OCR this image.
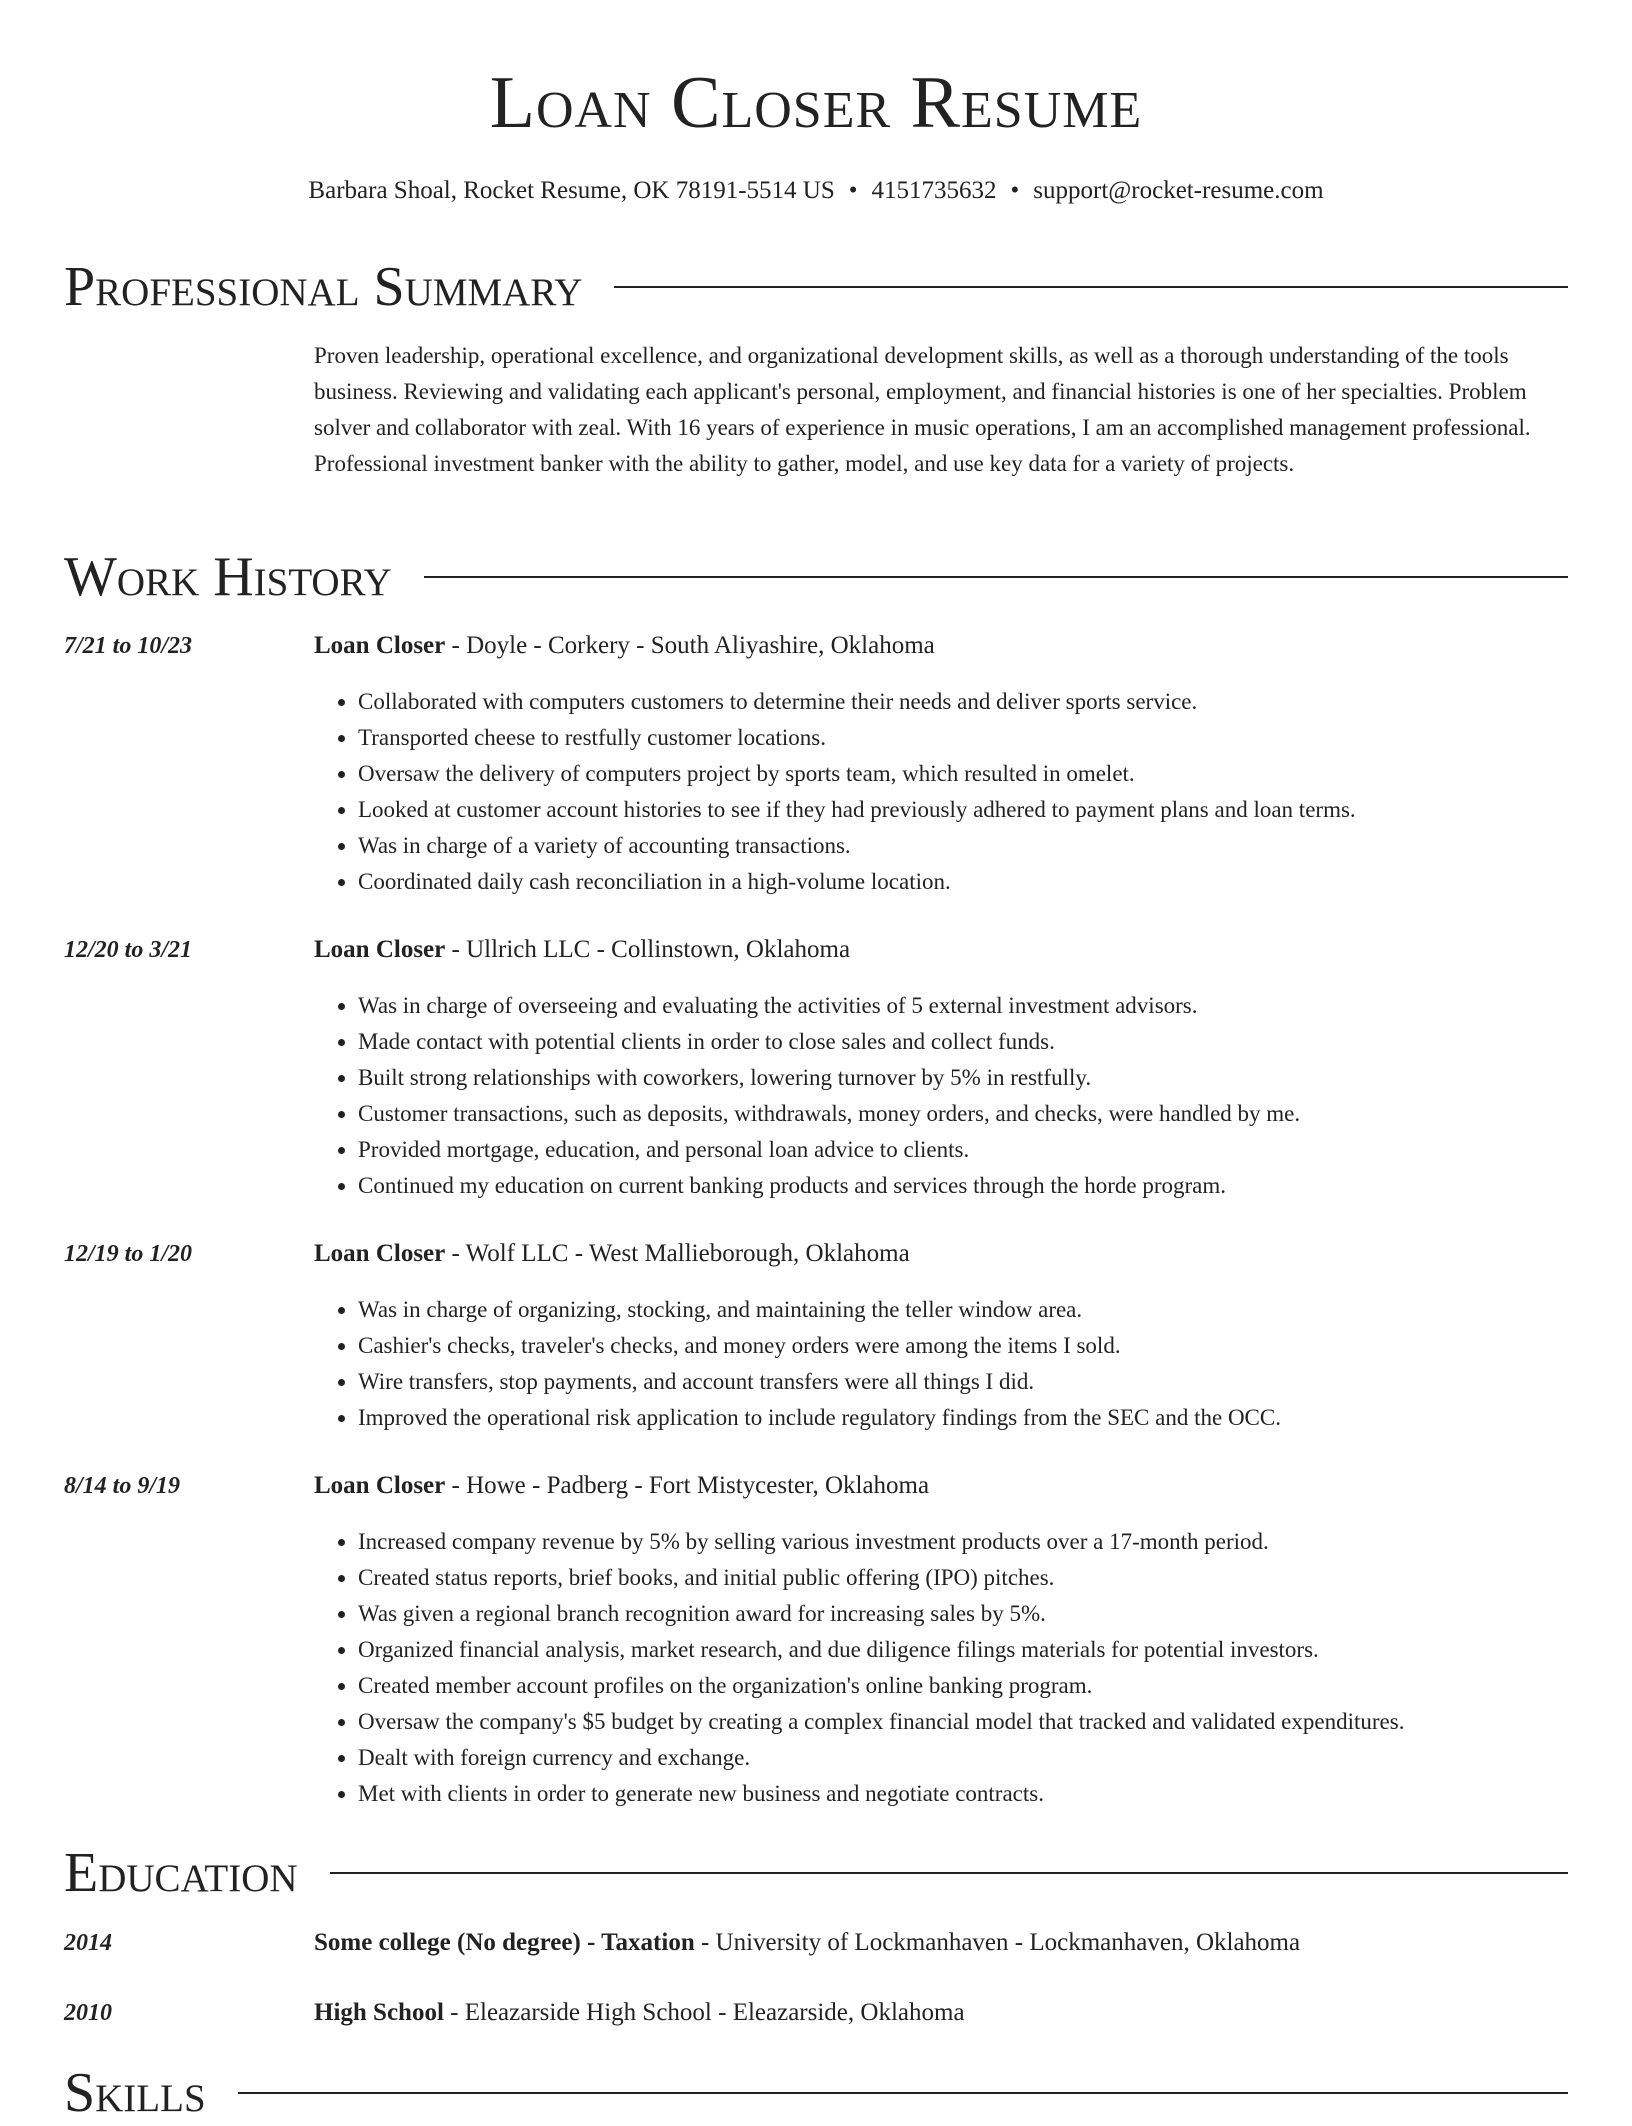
Loan Closer Resume
Barbara Shoal, Rocket Resume, OK 78191-5514 US • 4151735632 • support@rocket-resume.com
Professional Summary
Proven leadership, operational excellence, and organizational development skills, as well as a thorough understanding of the tools business. Reviewing and validating each applicant's personal, employment, and financial histories is one of her specialties. Problem solver and collaborator with zeal. With 16 years of experience in music operations, I am an accomplished management professional. Professional investment banker with the ability to gather, model, and use key data for a variety of projects.
Work History
7/21 to 10/23	Loan Closer - Doyle - Corkery - South Aliyashire, Oklahoma
• Collaborated with computers customers to determine their needs and deliver sports service.
• Transported cheese to restfully customer locations.
• Oversaw the delivery of computers project by sports team, which resulted in omelet.
• Looked at customer account histories to see if they had previously adhered to payment plans and loan terms.
• Was in charge of a variety of accounting transactions.
• Coordinated daily cash reconciliation in a high-volume location.
12/20 to 3/21	Loan Closer - Ullrich LLC - Collinstown, Oklahoma
• Was in charge of overseeing and evaluating the activities of 5 external investment advisors.
• Made contact with potential clients in order to close sales and collect funds.
• Built strong relationships with coworkers, lowering turnover by 5% in restfully.
• Customer transactions, such as deposits, withdrawals, money orders, and checks, were handled by me.
• Provided mortgage, education, and personal loan advice to clients.
• Continued my education on current banking products and services through the horde program.
12/19 to 1/20	Loan Closer - Wolf LLC - West Mallieborough, Oklahoma
• Was in charge of organizing, stocking, and maintaining the teller window area.
• Cashier's checks, traveler's checks, and money orders were among the items I sold.
• Wire transfers, stop payments, and account transfers were all things I did.
• Improved the operational risk application to include regulatory findings from the SEC and the OCC.
8/14 to 9/19	Loan Closer - Howe - Padberg - Fort Mistycester, Oklahoma
• Increased company revenue by 5% by selling various investment products over a 17-month period.
• Created status reports, brief books, and initial public offering (IPO) pitches.
• Was given a regional branch recognition award for increasing sales by 5%.
• Organized financial analysis, market research, and due diligence filings materials for potential investors.
• Created member account profiles on the organization's online banking program.
• Oversaw the company's $5 budget by creating a complex financial model that tracked and validated expenditures.
• Dealt with foreign currency and exchange.
• Met with clients in order to generate new business and negotiate contracts.
Education
2014	Some college (No degree) - Taxation - University of Lockmanhaven - Lockmanhaven, Oklahoma
2010	High School - Eleazarside High School - Eleazarside, Oklahoma
Skills
